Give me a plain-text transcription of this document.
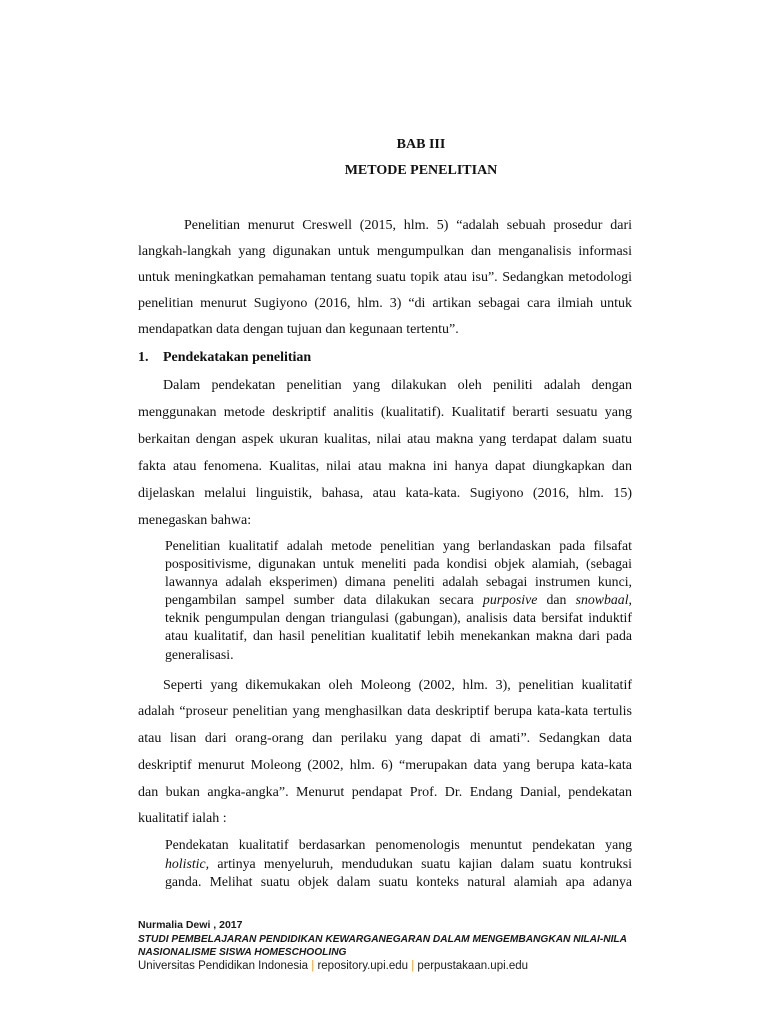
BAB III
METODE PENELITIAN
Penelitian menurut Creswell (2015, hlm. 5) “adalah sebuah prosedur dari
langkah-langkah yang digunakan untuk mengumpulkan dan menganalisis informasi
untuk meningkatkan pemahaman tentang suatu topik atau isu”. Sedangkan metodologi
penelitian menurut Sugiyono (2016, hlm. 3) “di artikan sebagai cara ilmiah untuk
mendapatkan data dengan tujuan dan kegunaan tertentu”.
1. Pendekatakan penelitian
Dalam pendekatan penelitian yang dilakukan oleh peniliti adalah dengan
menggunakan metode deskriptif analitis (kualitatif). Kualitatif berarti sesuatu yang
berkaitan dengan aspek ukuran kualitas, nilai atau makna yang terdapat dalam suatu
fakta atau fenomena. Kualitas, nilai atau makna ini hanya dapat diungkapkan dan
dijelaskan melalui linguistik, bahasa, atau kata-kata. Sugiyono (2016, hlm. 15)
menegaskan bahwa:
Penelitian kualitatif adalah metode penelitian yang berlandaskan pada filsafat
pospositivisme, digunakan untuk meneliti pada kondisi objek alamiah, (sebagai
lawannya adalah eksperimen) dimana peneliti adalah sebagai instrumen kunci,
pengambilan sampel sumber data dilakukan secara purposive dan snowbaal,
teknik pengumpulan dengan triangulasi (gabungan), analisis data bersifat induktif
atau kualitatif, dan hasil penelitian kualitatif lebih menekankan makna dari pada
generalisasi.
Seperti yang dikemukakan oleh Moleong (2002, hlm. 3), penelitian kualitatif
adalah “proseur penelitian yang menghasilkan data deskriptif berupa kata-kata tertulis
atau lisan dari orang-orang dan perilaku yang dapat di amati”. Sedangkan data
deskriptif menurut Moleong (2002, hlm. 6) “merupakan data yang berupa kata-kata
dan bukan angka-angka”. Menurut pendapat Prof. Dr. Endang Danial, pendekatan
kualitatif ialah :
Pendekatan kualitatif berdasarkan penomenologis menuntut pendekatan yang
holistic, artinya menyeluruh, mendudukan suatu kajian dalam suatu kontruksi
ganda. Melihat suatu objek dalam suatu konteks natural alamiah apa adanya
Nurmalia Dewi , 2017
STUDI PEMBELAJARAN PENDIDIKAN KEWARGANEGARAN DALAM MENGEMBANGKAN NILAI-NILA
NASIONALISME SISWA HOMESCHOOLING
Universitas Pendidikan Indonesia | repository.upi.edu | perpustakaan.upi.edu
